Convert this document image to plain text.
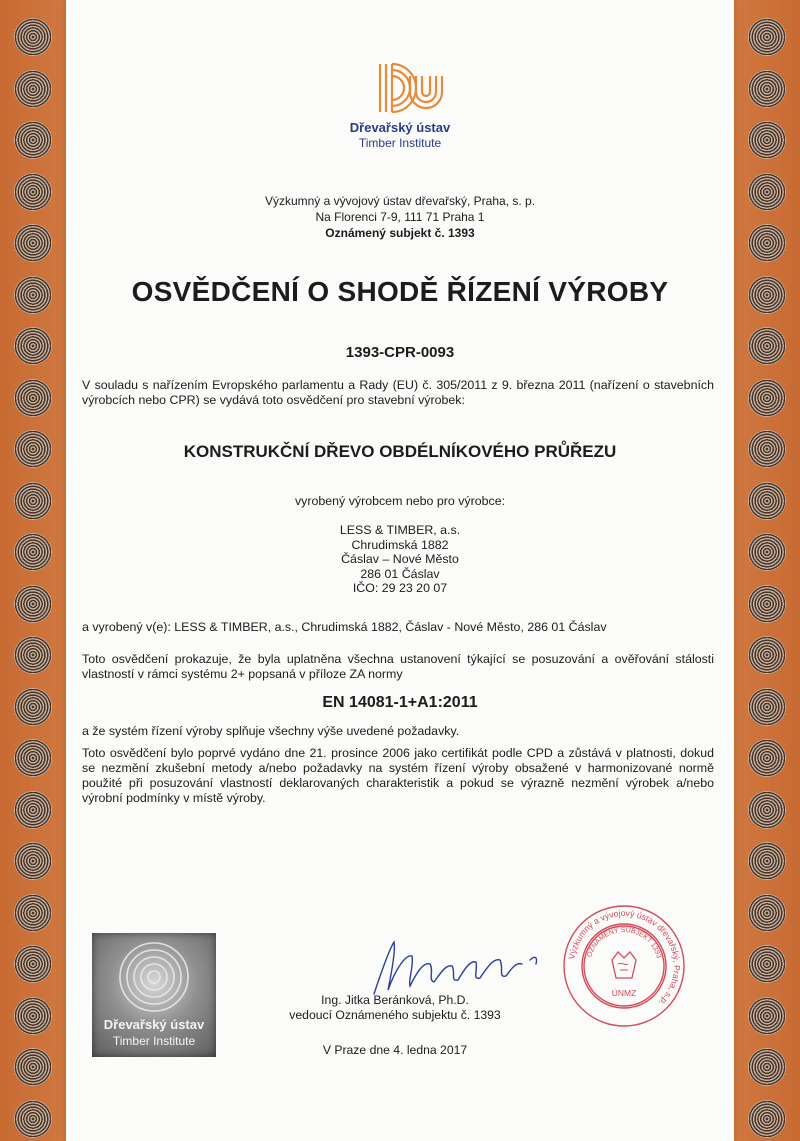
Dřevařský ústav
Timber Institute
Výzkumný a vývojový ústav dřevařský, Praha, s. p.
Na Florenci 7-9, 111 71 Praha 1
Oznámený subjekt č. 1393
OSVĚDČENÍ O SHODĚ ŘÍZENÍ VÝROBY
1393-CPR-0093
V souladu s nařízením Evropského parlamentu a Rady (EU) č. 305/2011 z 9. března 2011 (nařízení o stavebních výrobcích nebo CPR) se vydává toto osvědčení pro stavební výrobek:
KONSTRUKČNÍ DŘEVO OBDÉLNÍKOVÉHO PRŮŘEZU
vyrobený výrobcem nebo pro výrobce:
LESS & TIMBER, a.s.
Chrudimská 1882
Čáslav – Nové Město
286 01 Čáslav
IČO: 29 23 20 07
a vyrobený v(e): LESS & TIMBER, a.s., Chrudimská 1882, Čáslav - Nové Město, 286 01 Čáslav
Toto osvědčení prokazuje, že byla uplatněna všechna ustanovení týkající se posuzování a ověřování stálosti vlastností v rámci systému 2+ popsaná v příloze ZA normy
EN 14081-1+A1:2011
a že systém řízení výroby splňuje všechny výše uvedené požadavky.
Toto osvědčení bylo poprvé vydáno dne 21. prosince 2006 jako certifikát podle CPD a zůstává v platnosti, dokud se nezmění zkušební metody a/nebo požadavky na systém řízení výroby obsažené v harmonizované normě použité při posuzování vlastností deklarovaných charakteristik a pokud se výrazně nezmění výrobek a/nebo výrobní podmínky v místě výroby.
Dřevařský ústav
Timber Institute
Ing. Jitka Beránková, Ph.D.
vedoucí Oznámeného subjektu č. 1393
V Praze dne 4. ledna 2017
Výzkumný a vývojový ústav dřevařský, Praha, s.p.
OZNÁMENÝ SUBJEKT 1393
ÚNMZ
